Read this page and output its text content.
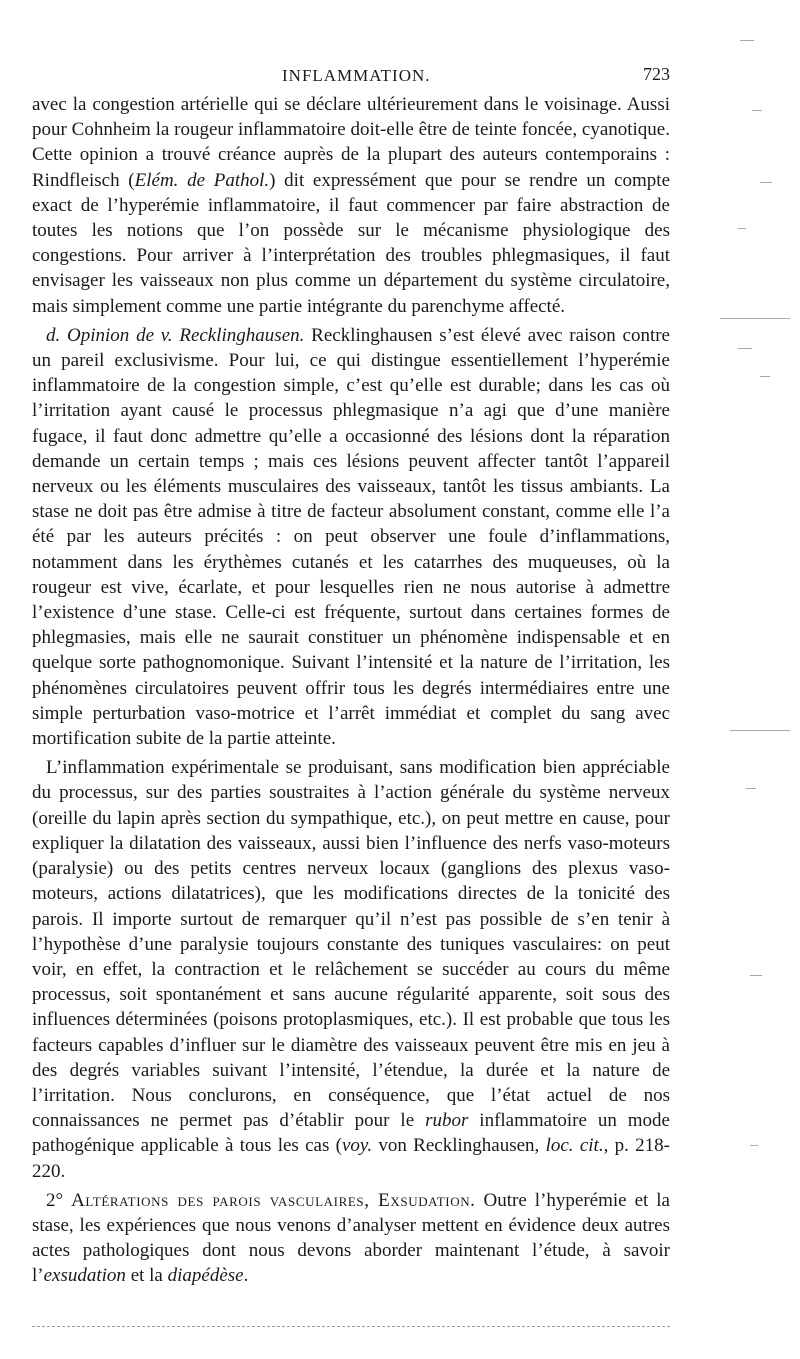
INFLAMMATION.	723

avec la congestion artérielle qui se déclare ultérieurement dans le voisinage. Aussi pour Cohnheim la rougeur inflammatoire doit-elle être de teinte foncée, cyanotique. Cette opinion a trouvé créance auprès de la plupart des auteurs contemporains : Rindfleisch (Elém. de Pathol.) dit expressément que pour se rendre un compte exact de l’hyperémie inflammatoire, il faut commencer par faire abstraction de toutes les notions que l’on possède sur le mécanisme physiologique des congestions. Pour arriver à l’interprétation des troubles phlegmasiques, il faut envisager les vaisseaux non plus comme un département du système circulatoire, mais simplement comme une partie intégrante du parenchyme affecté.

d. Opinion de v. Recklinghausen. Recklinghausen s’est élevé avec raison contre un pareil exclusivisme. Pour lui, ce qui distingue essentiellement l’hyperémie inflammatoire de la congestion simple, c’est qu’elle est durable; dans les cas où l’irritation ayant causé le processus phlegmasique n’a agi que d’une manière fugace, il faut donc admettre qu’elle a occasionné des lésions dont la réparation demande un certain temps ; mais ces lésions peuvent affecter tantôt l’appareil nerveux ou les éléments musculaires des vaisseaux, tantôt les tissus ambiants. La stase ne doit pas être admise à titre de facteur absolument constant, comme elle l’a été par les auteurs précités : on peut observer une foule d’inflammations, notamment dans les érythèmes cutanés et les catarrhes des muqueuses, où la rougeur est vive, écarlate, et pour lesquelles rien ne nous autorise à admettre l’existence d’une stase. Celle-ci est fréquente, surtout dans certaines formes de phlegmasies, mais elle ne saurait constituer un phénomène indispensable et en quelque sorte pathognomonique. Suivant l’intensité et la nature de l’irritation, les phénomènes circulatoires peuvent offrir tous les degrés intermédiaires entre une simple perturbation vaso-motrice et l’arrêt immédiat et complet du sang avec mortification subite de la partie atteinte.

L’inflammation expérimentale se produisant, sans modification bien appréciable du processus, sur des parties soustraites à l’action générale du système nerveux (oreille du lapin après section du sympathique, etc.), on peut mettre en cause, pour expliquer la dilatation des vaisseaux, aussi bien l’influence des nerfs vaso-moteurs (paralysie) ou des petits centres nerveux locaux (ganglions des plexus vaso-moteurs, actions dilatatrices), que les modifications directes de la tonicité des parois. Il importe surtout de remarquer qu’il n’est pas possible de s’en tenir à l’hypothèse d’une paralysie toujours constante des tuniques vasculaires: on peut voir, en effet, la contraction et le relâchement se succéder au cours du même processus, soit spontanément et sans aucune régularité apparente, soit sous des influences déterminées (poisons protoplasmiques, etc.). Il est probable que tous les facteurs capables d’influer sur le diamètre des vaisseaux peuvent être mis en jeu à des degrés variables suivant l’intensité, l’étendue, la durée et la nature de l’irritation. Nous conclurons, en conséquence, que l’état actuel de nos connaissances ne permet pas d’établir pour le rubor inflammatoire un mode pathogénique applicable à tous les cas (voy. von Recklinghausen, loc. cit., p. 218-220.

2° Altérations des parois vasculaires, Exsudation. Outre l’hyperémie et la stase, les expériences que nous venons d’analyser mettent en évidence deux autres actes pathologiques dont nous devons aborder maintenant l’étude, à savoir l’exsudation et la diapédèse.
